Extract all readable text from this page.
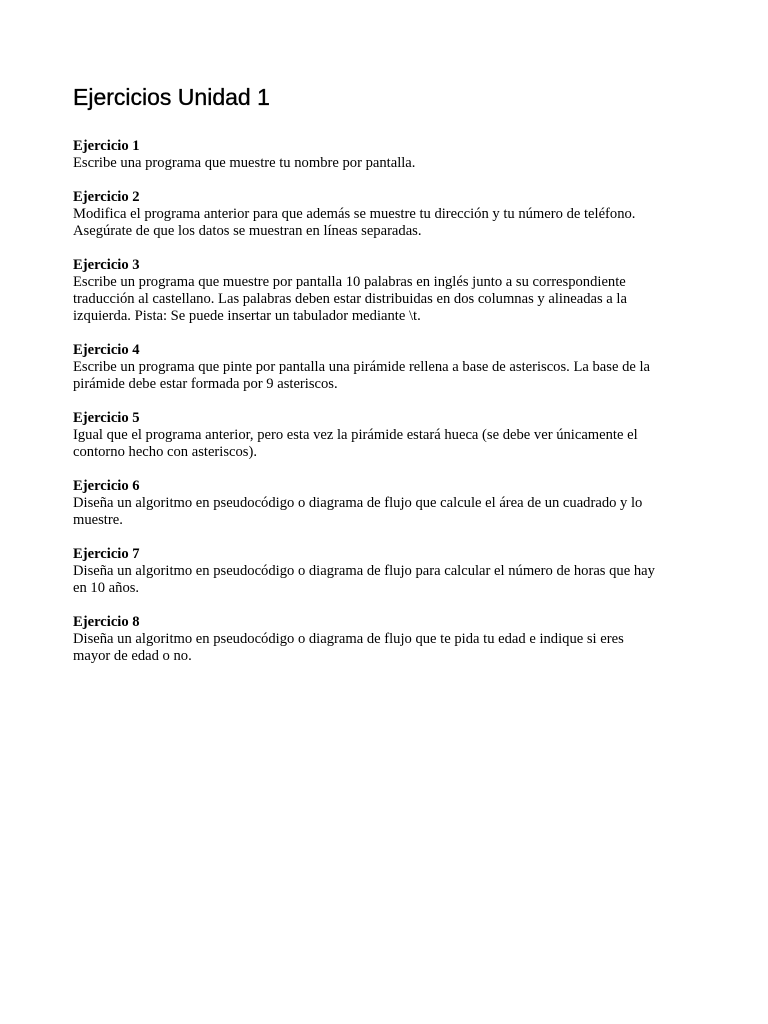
Ejercicios Unidad 1
Ejercicio 1
Escribe una programa que muestre tu nombre por pantalla.
Ejercicio 2
Modifica el programa anterior para que además se muestre tu dirección y tu número de teléfono.
Asegúrate de que los datos se muestran en líneas separadas.
Ejercicio 3
Escribe un programa que muestre por pantalla 10 palabras en inglés junto a su correspondiente
traducción al castellano. Las palabras deben estar distribuidas en dos columnas y alineadas a la
izquierda. Pista: Se puede insertar un tabulador mediante \t.
Ejercicio 4
Escribe un programa que pinte por pantalla una pirámide rellena a base de asteriscos. La base de la
pirámide debe estar formada por 9 asteriscos.
Ejercicio 5
Igual que el programa anterior, pero esta vez la pirámide estará hueca (se debe ver únicamente el
contorno hecho con asteriscos).
Ejercicio 6
Diseña un algoritmo en pseudocódigo o diagrama de flujo que calcule el área de un cuadrado y lo
muestre.
Ejercicio 7
Diseña un algoritmo en pseudocódigo o diagrama de flujo para calcular el número de horas que hay
en 10 años.
Ejercicio 8
Diseña un algoritmo en pseudocódigo o diagrama de flujo que te pida tu edad e indique si eres
mayor de edad o no.
